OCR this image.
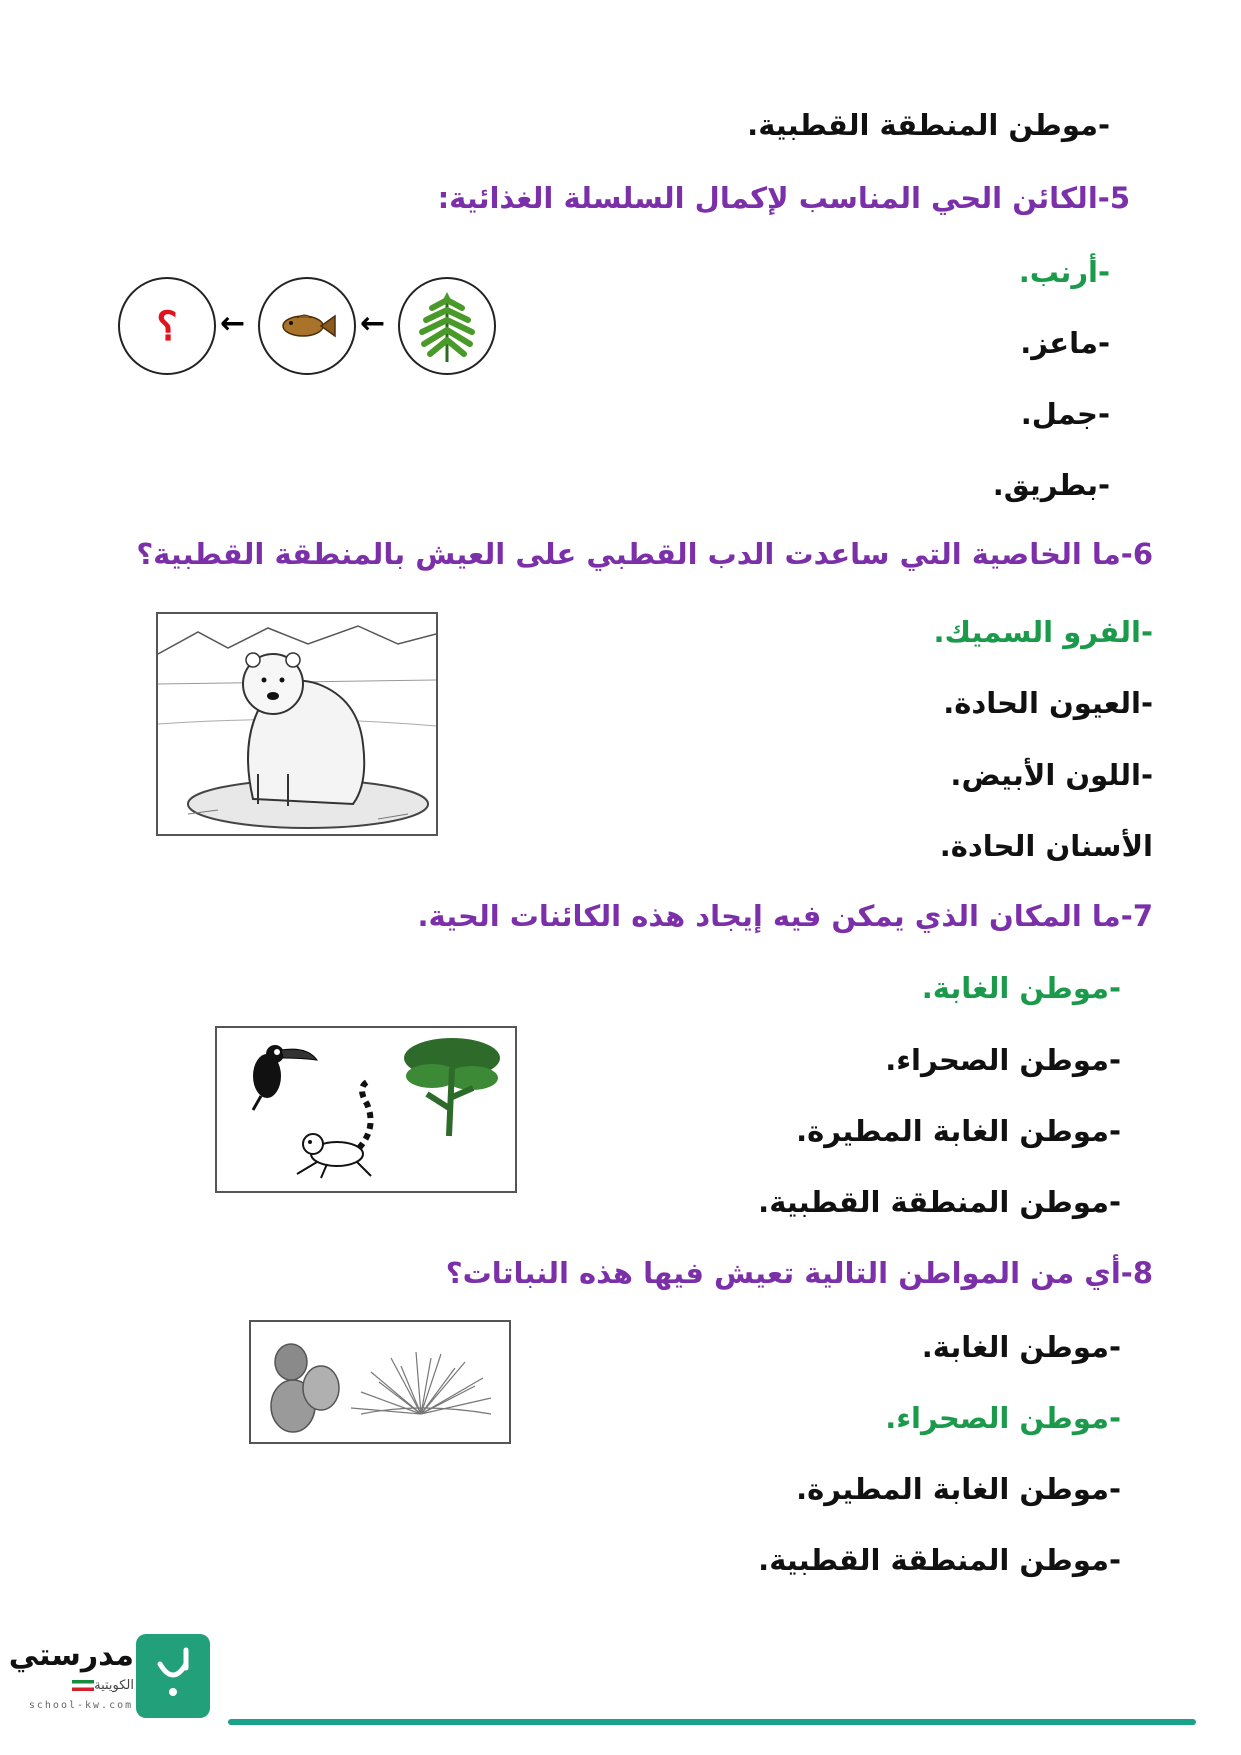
-موطن المنطقة القطبية.
5-الكائن الحي المناسب لإكمال السلسلة الغذائية:
-أرنب.
-ماعز.
-جمل.
-بطريق.
؟ ←	←
6-ما الخاصية التي ساعدت الدب القطبي على العيش بالمنطقة القطبية؟
-الفرو السميك.
-العيون الحادة.
-اللون الأبيض.
الأسنان الحادة.
7-ما المكان الذي يمكن فيه إيجاد هذه الكائنات الحية.
-موطن الغابة.
-موطن الصحراء.
-موطن الغابة المطيرة.
-موطن المنطقة القطبية.
8-أي من المواطن التالية تعيش فيها هذه النباتات؟
-موطن الغابة.
-موطن الصحراء.
-موطن الغابة المطيرة.
-موطن المنطقة القطبية.
مدرستي
الكويتية
school-kw.com
